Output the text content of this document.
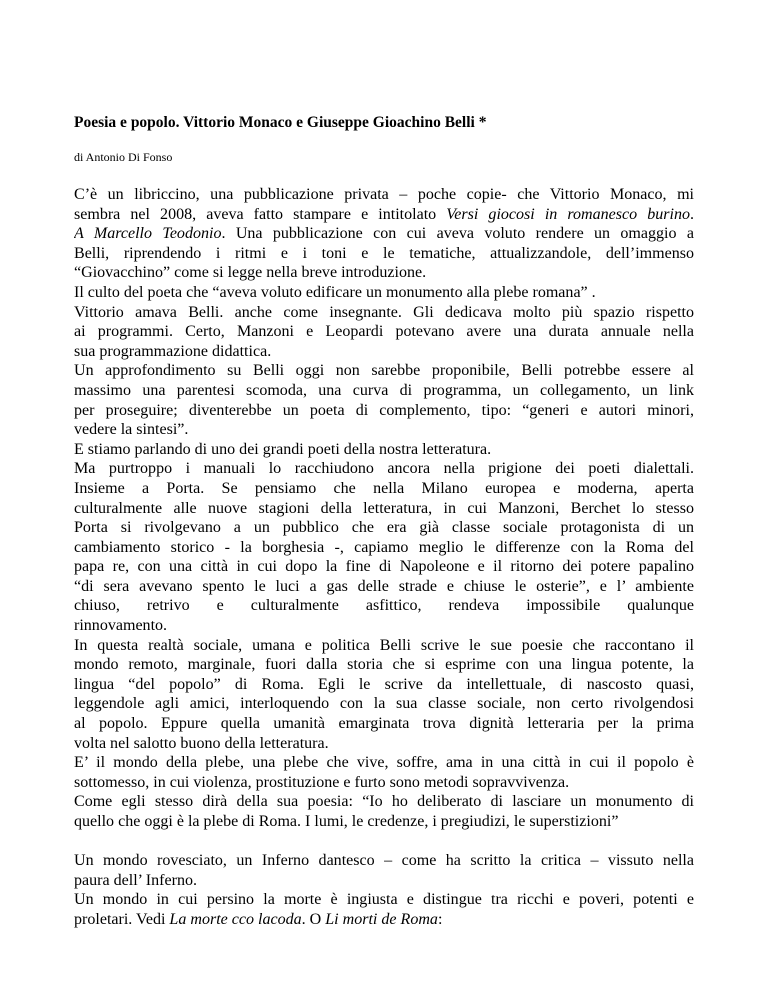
Poesia e popolo. Vittorio Monaco e Giuseppe Gioachino Belli *

di Antonio Di Fonso

C’è un libriccino, una pubblicazione privata – poche copie- che Vittorio Monaco, mi
sembra nel 2008, aveva fatto stampare e intitolato Versi giocosi in romanesco burino.
A Marcello Teodonio. Una pubblicazione con cui aveva voluto rendere un omaggio a
Belli, riprendendo i ritmi e i toni e le tematiche, attualizzandole, dell’immenso
“Giovacchino” come si legge nella breve introduzione.
Il culto del poeta che “aveva voluto edificare un monumento alla plebe romana” .
Vittorio amava Belli. anche come insegnante. Gli dedicava molto più spazio rispetto
ai programmi. Certo, Manzoni e Leopardi potevano avere una durata annuale nella
sua programmazione didattica.
Un approfondimento su Belli oggi non sarebbe proponibile, Belli potrebbe essere al
massimo una parentesi scomoda, una curva di programma, un collegamento, un link
per proseguire; diventerebbe un poeta di complemento, tipo: “generi e autori minori,
vedere la sintesi”.
E stiamo parlando di uno dei grandi poeti della nostra letteratura.
Ma purtroppo i manuali lo racchiudono ancora nella prigione dei poeti dialettali.
Insieme a Porta. Se pensiamo che nella Milano europea e moderna, aperta
culturalmente alle nuove stagioni della letteratura, in cui Manzoni, Berchet lo stesso
Porta si rivolgevano a un pubblico che era già classe sociale protagonista di un
cambiamento storico - la borghesia -, capiamo meglio le differenze con la Roma del
papa re, con una città in cui dopo la fine di Napoleone e il ritorno dei potere papalino
“di sera avevano spento le luci a gas delle strade e chiuse le osterie”, e l’ ambiente
chiuso, retrivo e culturalmente asfittico, rendeva impossibile qualunque
rinnovamento.
In questa realtà sociale, umana e politica Belli scrive le sue poesie che raccontano il
mondo remoto, marginale, fuori dalla storia che si esprime con una lingua potente, la
lingua “del popolo” di Roma. Egli le scrive da intellettuale, di nascosto quasi,
leggendole agli amici, interloquendo con la sua classe sociale, non certo rivolgendosi
al popolo. Eppure quella umanità emarginata trova dignità letteraria per la prima
volta nel salotto buono della letteratura.
E’ il mondo della plebe, una plebe che vive, soffre, ama in una città in cui il popolo è
sottomesso, in cui violenza, prostituzione e furto sono metodi sopravvivenza.
Come egli stesso dirà della sua poesia: “Io ho deliberato di lasciare un monumento di
quello che oggi è la plebe di Roma. I lumi, le credenze, i pregiudizi, le superstizioni”
Un mondo rovesciato, un Inferno dantesco – come ha scritto la critica – vissuto nella
paura dell’ Inferno.
Un mondo in cui persino la morte è ingiusta e distingue tra ricchi e poveri, potenti e
proletari. Vedi La morte cco lacoda. O Li morti de Roma:
